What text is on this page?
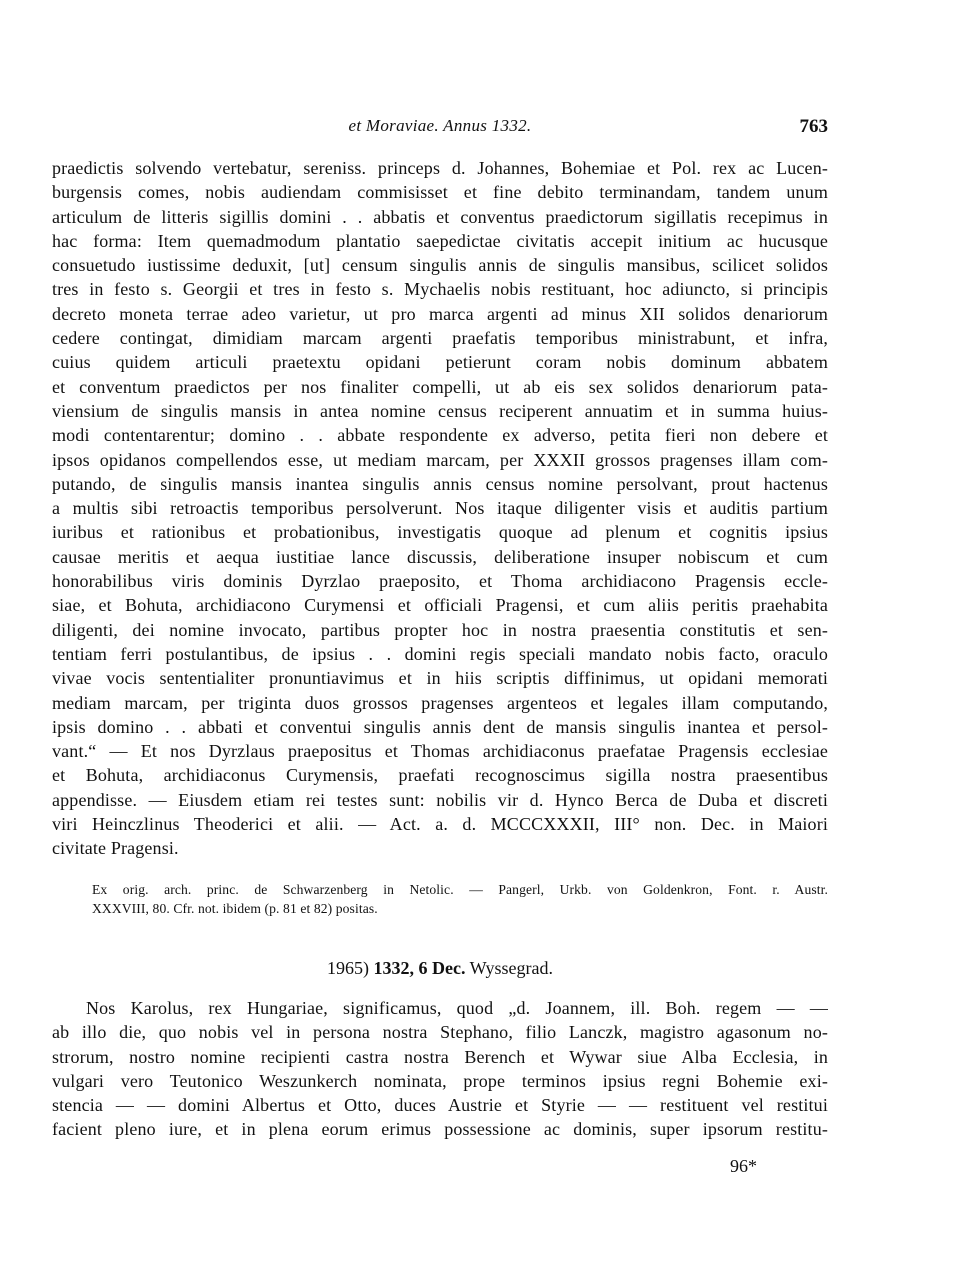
et Moraviae. Annus 1332.	763
praedictis solvendo vertebatur, sereniss. princeps d. Johannes, Bohemiae et Pol. rex ac Lucen-
burgensis comes, nobis audiendam commisisset et fine debito terminandam, tandem unum
articulum de litteris sigillis domini . . abbatis et conventus praedictorum sigillatis recepimus in
hac forma: Item quemadmodum plantatio saepedictae civitatis accepit initium ac hucusque
consuetudo iustissime deduxit, [ut] censum singulis annis de singulis mansibus, scilicet solidos
tres in festo s. Georgii et tres in festo s. Mychaelis nobis restituant, hoc adiuncto, si principis
decreto moneta terrae adeo varietur, ut pro marca argenti ad minus XII solidos denariorum
cedere contingat, dimidiam marcam argenti praefatis temporibus ministrabunt, et infra,
cuius quidem articuli praetextu opidani petierunt coram nobis dominum abbatem
et conventum praedictos per nos finaliter compelli, ut ab eis sex solidos denariorum pata-
viensium de singulis mansis in antea nomine census reciperent annuatim et in summa huius-
modi contentarentur; domino . . abbate respondente ex adverso, petita fieri non debere et
ipsos opidanos compellendos esse, ut mediam marcam, per XXXII grossos pragenses illam com-
putando, de singulis mansis inantea singulis annis census nomine persolvant, prout hactenus
a multis sibi retroactis temporibus persolverunt. Nos itaque diligenter visis et auditis partium
iuribus et rationibus et probationibus, investigatis quoque ad plenum et cognitis ipsius
causae meritis et aequa iustitiae lance discussis, deliberatione insuper nobiscum et cum
honorabilibus viris dominis Dyrzlao praeposito, et Thoma archidiacono Pragensis eccle-
siae, et Bohuta, archidiacono Curymensi et officiali Pragensi, et cum aliis peritis praehabita
diligenti, dei nomine invocato, partibus propter hoc in nostra praesentia constitutis et sen-
tentiam ferri postulantibus, de ipsius . . domini regis speciali mandato nobis facto, oraculo
vivae vocis sententialiter pronuntiavimus et in hiis scriptis diffinimus, ut opidani memorati
mediam marcam, per triginta duos grossos pragenses argenteos et legales illam computando,
ipsis domino . . abbati et conventui singulis annis dent de mansis singulis inantea et persol-
vant.“ — Et nos Dyrzlaus praepositus et Thomas archidiaconus praefatae Pragensis ecclesiae
et Bohuta, archidiaconus Curymensis, praefati recognoscimus sigilla nostra praesentibus
appendisse. — Eiusdem etiam rei testes sunt: nobilis vir d. Hynco Berca de Duba et discreti
viri Heinczlinus Theoderici et alii. — Act. a. d. MCCCXXXII, III° non. Dec. in Maiori
civitate Pragensi.
Ex orig. arch. princ. de Schwarzenberg in Netolic. — Pangerl, Urkb. von Goldenkron, Font. r. Austr.
XXXVIII, 80. Cfr. not. ibidem (p. 81 et 82) positas.
1965) 1332, 6 Dec. Wyssegrad.
Nos Karolus, rex Hungariae, significamus, quod „d. Joannem, ill. Boh. regem — —
ab illo die, quo nobis vel in persona nostra Stephano, filio Lanczk, magistro agasonum no-
strorum, nostro nomine recipienti castra nostra Berench et Wywar siue Alba Ecclesia, in
vulgari vero Teutonico Weszunkerch nominata, prope terminos ipsius regni Bohemie exi-
stencia — — domini Albertus et Otto, duces Austrie et Styrie — — restituent vel restitui
facient pleno iure, et in plena eorum erimus possessione ac dominis, super ipsorum restitu-
96*
